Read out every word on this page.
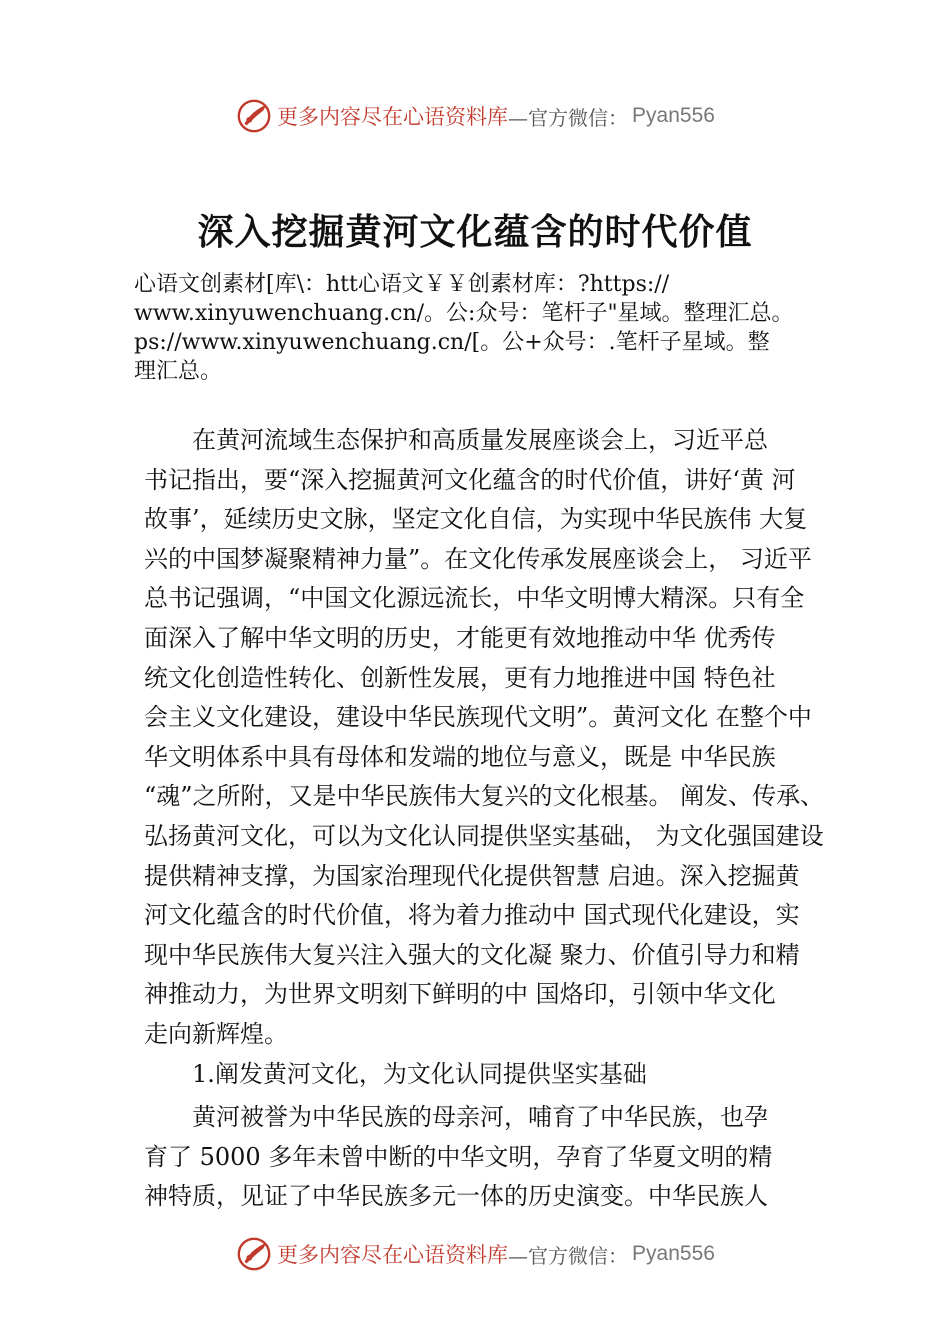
更多内容尽在心语资料库 —官方微信： Pyan556
深入挖掘黄河文化蕴含的时代价值
心语文创素材[库\：htt心语文￥￥创素材库：?https://
www.xinyuwenchuang.cn/。公:众号：笔杆子"星域。整理汇总。
ps://www.xinyuwenchuang.cn/[。公+众号：.笔杆子星域。整
理汇总。
　　在黄河流域生态保护和高质量发展座谈会上，习近平总
书记指出，要“深入挖掘黄河文化蕴含的时代价值，讲好‘黄 河
故事’，延续历史文脉，坚定文化自信，为实现中华民族伟 大复
兴的中国梦凝聚精神力量”。在文化传承发展座谈会上， 习近平
总书记强调，“中国文化源远流长，中华文明博大精深。只有全
面深入了解中华文明的历史，才能更有效地推动中华 优秀传
统文化创造性转化、创新性发展，更有力地推进中国 特色社
会主义文化建设，建设中华民族现代文明”。黄河文化 在整个中
华文明体系中具有母体和发端的地位与意义，既是 中华民族
“魂”之所附，又是中华民族伟大复兴的文化根基。 阐发、传承、
弘扬黄河文化，可以为文化认同提供坚实基础， 为文化强国建设
提供精神支撑，为国家治理现代化提供智慧 启迪。深入挖掘黄
河文化蕴含的时代价值，将为着力推动中 国式现代化建设，实
现中华民族伟大复兴注入强大的文化凝 聚力、价值引导力和精
神推动力，为世界文明刻下鲜明的中 国烙印，引领中华文化
走向新辉煌。
1.阐发黄河文化，为文化认同提供坚实基础
　　黄河被誉为中华民族的母亲河，哺育了中华民族，也孕
育了 5000 多年未曾中断的中华文明，孕育了华夏文明的精
神特质，见证了中华民族多元一体的历史演变。中华民族人
更多内容尽在心语资料库 —官方微信： Pyan556
